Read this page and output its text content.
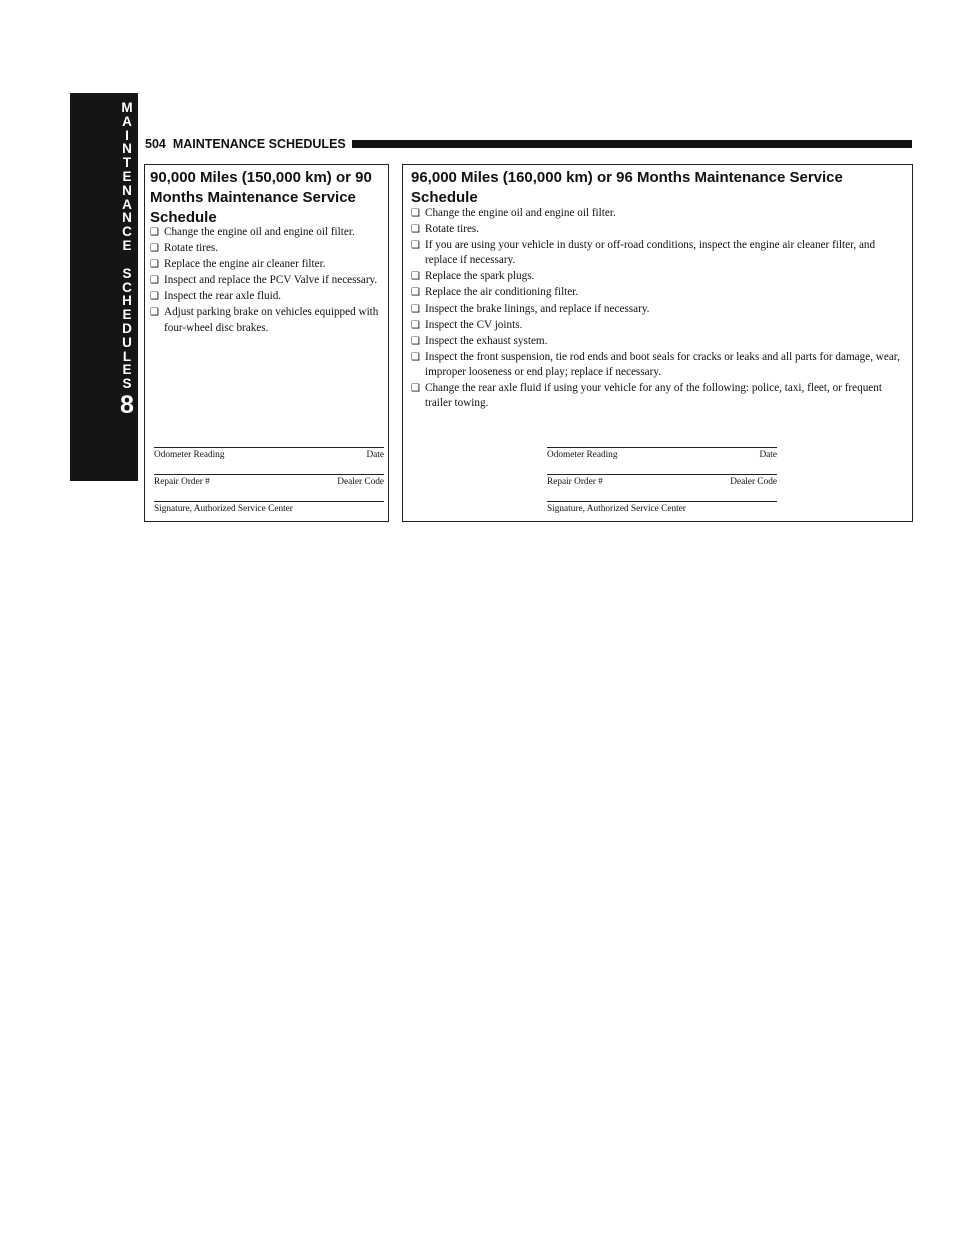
M
A
I
N
T
E
N
A
N
C
E
S
C
H
E
D
U
L
E
S
8
504 MAINTENANCE SCHEDULES
90,000 Miles (150,000 km) or 90 Months Maintenance Service Schedule
❑ Change the engine oil and engine oil filter.
❑ Rotate tires.
❑ Replace the engine air cleaner filter.
❑ Inspect and replace the PCV Valve if necessary.
❑ Inspect the rear axle fluid.
❑ Adjust parking brake on vehicles equipped with four-wheel disc brakes.
Odometer Reading	Date
Repair Order #	Dealer Code
Signature, Authorized Service Center
96,000 Miles (160,000 km) or 96 Months Maintenance Service Schedule
❑ Change the engine oil and engine oil filter.
❑ Rotate tires.
❑ If you are using your vehicle in dusty or off-road conditions, inspect the engine air cleaner filter, and replace if necessary.
❑ Replace the spark plugs.
❑ Replace the air conditioning filter.
❑ Inspect the brake linings, and replace if necessary.
❑ Inspect the CV joints.
❑ Inspect the exhaust system.
❑ Inspect the front suspension, tie rod ends and boot seals for cracks or leaks and all parts for damage, wear, improper looseness or end play; replace if necessary.
❑ Change the rear axle fluid if using your vehicle for any of the following: police, taxi, fleet, or frequent trailer towing.
Odometer Reading	Date
Repair Order #	Dealer Code
Signature, Authorized Service Center
